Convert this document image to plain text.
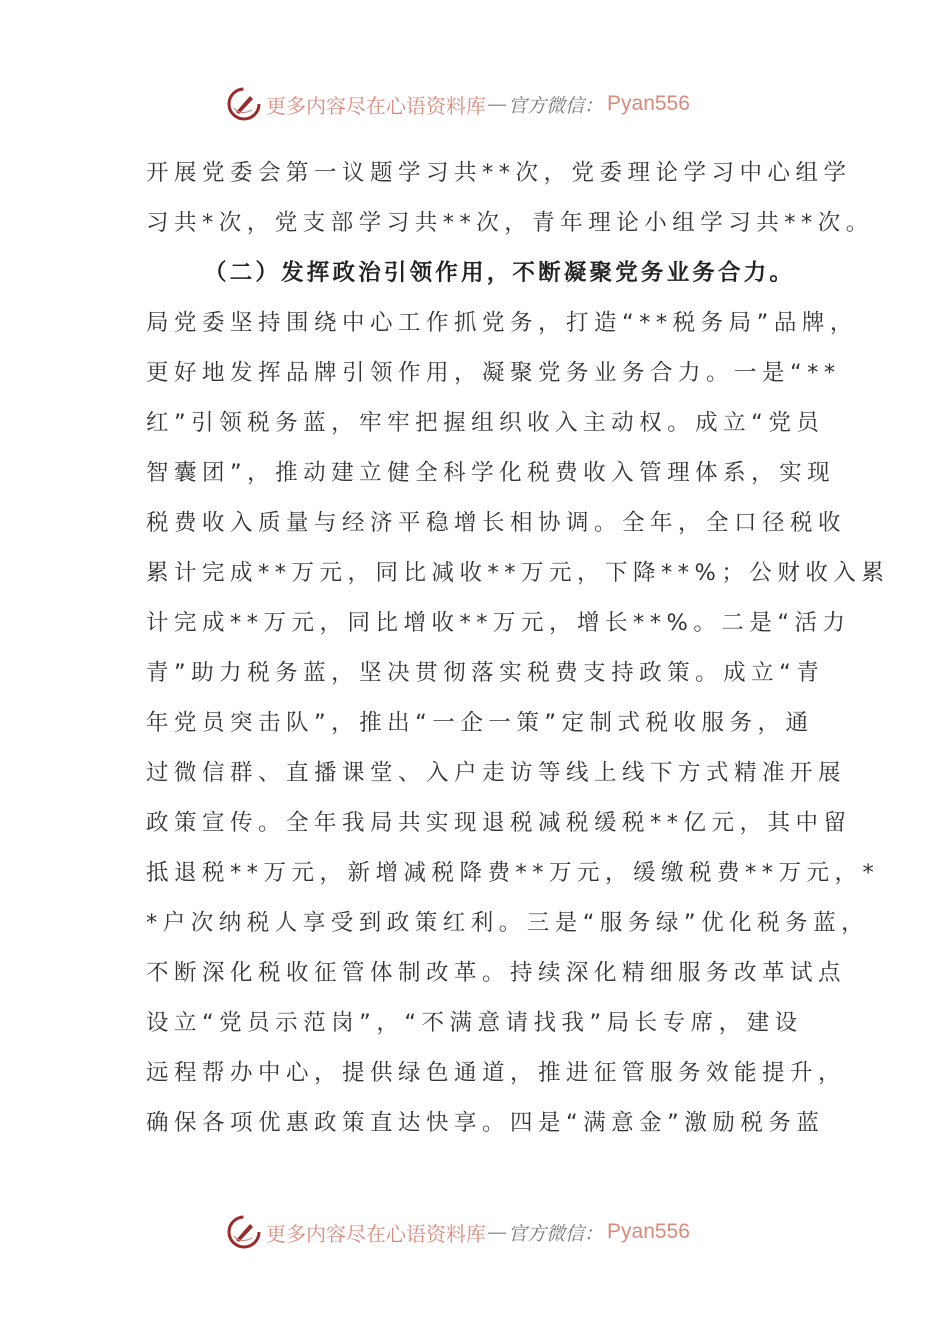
更多内容尽在心语资料库 — 官方微信： Pyan556
开展党委会第一议题学习共**次，党委理论学习中心组学
习共*次，党支部学习共**次，青年理论小组学习共**次。
（二）发挥政治引领作用，不断凝聚党务业务合力。
局党委坚持围绕中心工作抓党务，打造“**税务局”品牌，
更好地发挥品牌引领作用，凝聚党务业务合力。一是“**
红”引领税务蓝，牢牢把握组织收入主动权。成立“党员
智囊团”，推动建立健全科学化税费收入管理体系，实现
税费收入质量与经济平稳增长相协调。全年，全口径税收
累计完成**万元，同比减收**万元，下降**%；公财收入累
计完成**万元，同比增收**万元，增长**%。二是“活力
青”助力税务蓝，坚决贯彻落实税费支持政策。成立“青
年党员突击队”，推出“一企一策”定制式税收服务，通
过微信群、直播课堂、入户走访等线上线下方式精准开展
政策宣传。全年我局共实现退税减税缓税**亿元，其中留
抵退税**万元，新增减税降费**万元，缓缴税费**万元，*
*户次纳税人享受到政策红利。三是“服务绿”优化税务蓝，
不断深化税收征管体制改革。持续深化精细服务改革试点
设立“党员示范岗”，“不满意请找我”局长专席，建设
远程帮办中心，提供绿色通道，推进征管服务效能提升，
确保各项优惠政策直达快享。四是“满意金”激励税务蓝
更多内容尽在心语资料库 — 官方微信： Pyan556
